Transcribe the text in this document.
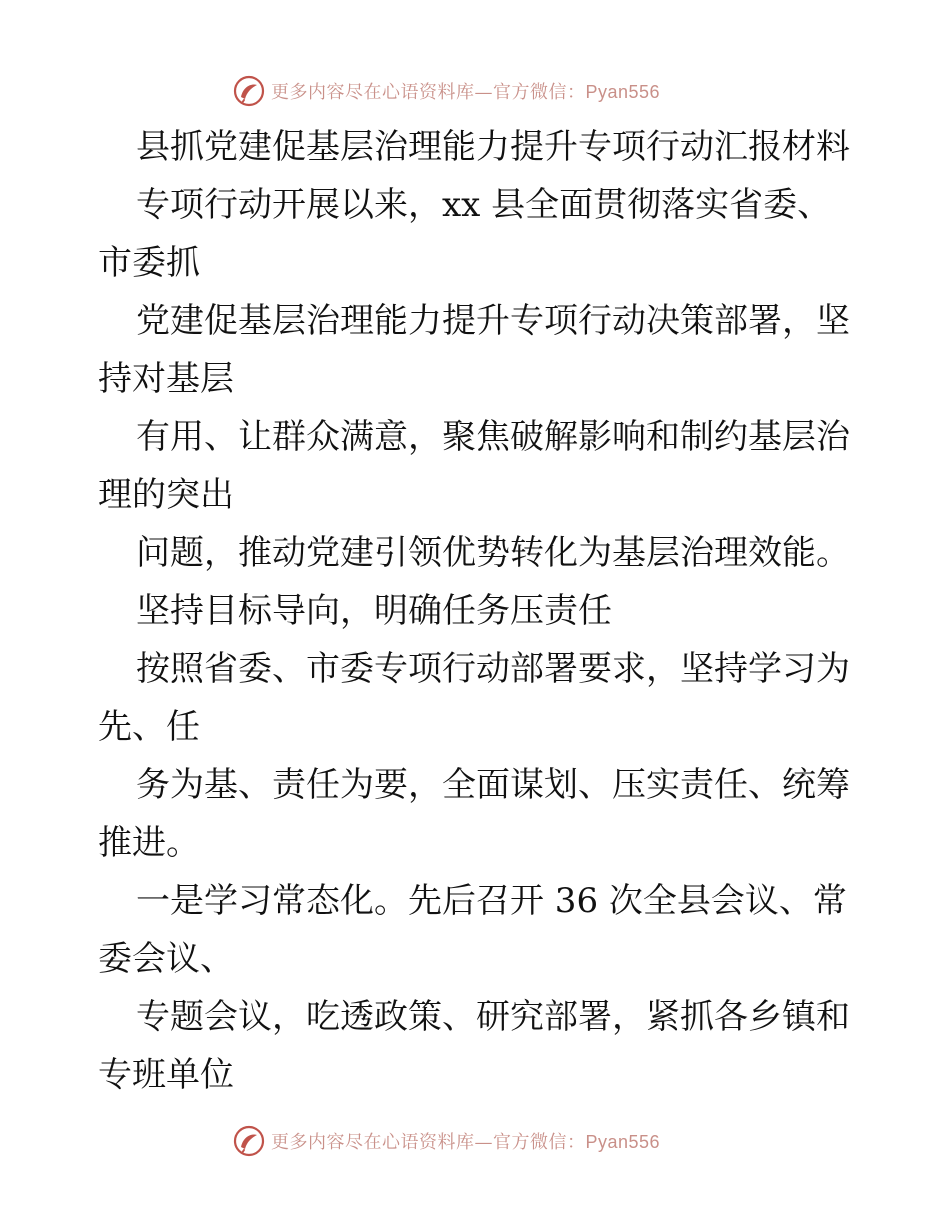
更多内容尽在心语资料库—官方微信：Pyan556
县抓党建促基层治理能力提升专项行动汇报材料
专项行动开展以来，xx 县全面贯彻落实省委、
市委抓
党建促基层治理能力提升专项行动决策部署，坚
持对基层
有用、让群众满意，聚焦破解影响和制约基层治
理的突出
问题，推动党建引领优势转化为基层治理效能。
坚持目标导向，明确任务压责任
按照省委、市委专项行动部署要求，坚持学习为
先、任
务为基、责任为要，全面谋划、压实责任、统筹
推进。
一是学习常态化。先后召开 36 次全县会议、常
委会议、
专题会议，吃透政策、研究部署，紧抓各乡镇和
专班单位
更多内容尽在心语资料库—官方微信：Pyan556
